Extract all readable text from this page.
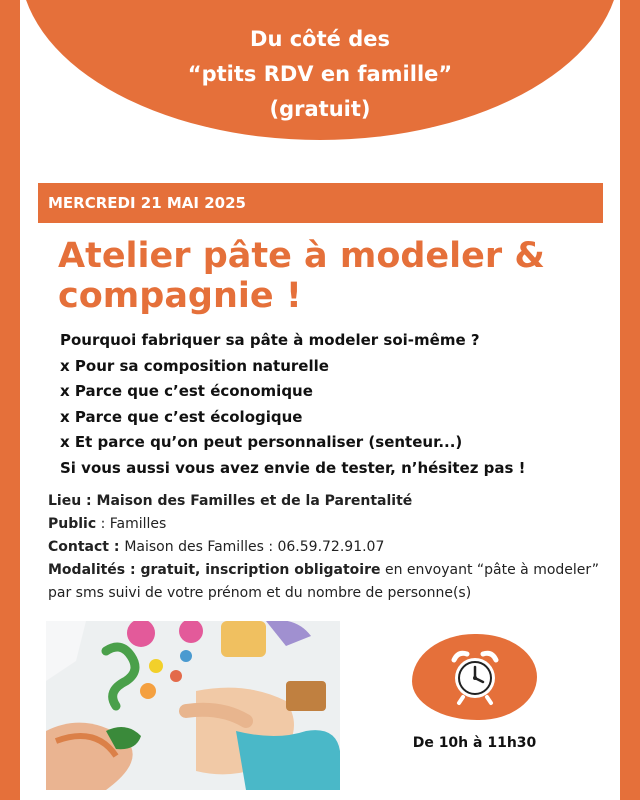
Du côté des
“ptits RDV en famille”
(gratuit)
MERCREDI 21 MAI 2025
Atelier pâte à modeler &
compagnie !
Pourquoi fabriquer sa pâte à modeler soi-même ?
x Pour sa composition naturelle
x Parce que c’est économique
x Parce que c’est écologique
x Et parce qu’on peut personnaliser (senteur...)
Si vous aussi vous avez envie de tester, n’hésitez pas !
Lieu : Maison des Familles et de la Parentalité
Public : Familles
Contact : Maison des Familles : 06.59.72.91.07
Modalités : gratuit, inscription obligatoire en envoyant “pâte à modeler” par sms suivi de votre prénom et du nombre de personne(s)
De 10h à 11h30
